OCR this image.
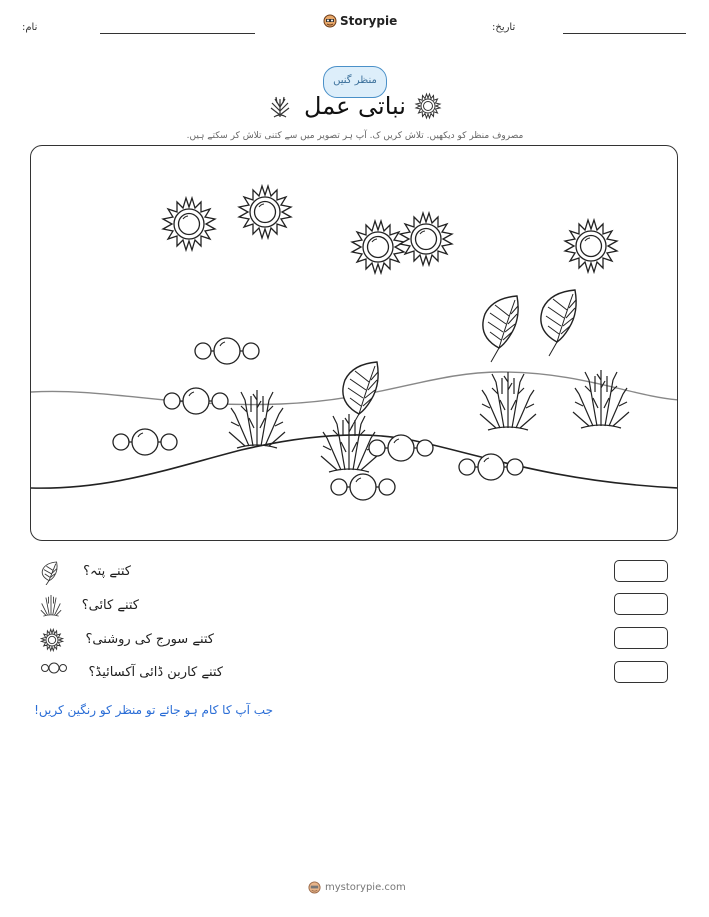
نام:	Storypie	تاریخ:
منظر گنیں
نباتی عمل
مصروف منظر کو دیکھیں. تلاش کریں ک. آپ ہر تصویر میں سے کتنی تلاش کر سکتے ہیں.
کتنے پتہ؟
کتنے کائی؟
کتنے سورج کی روشنی؟
کتنے کاربن ڈائی آکسائیڈ؟
جب آپ کا کام ہو جائے تو منظر کو رنگین کریں!
mystorypie.com
